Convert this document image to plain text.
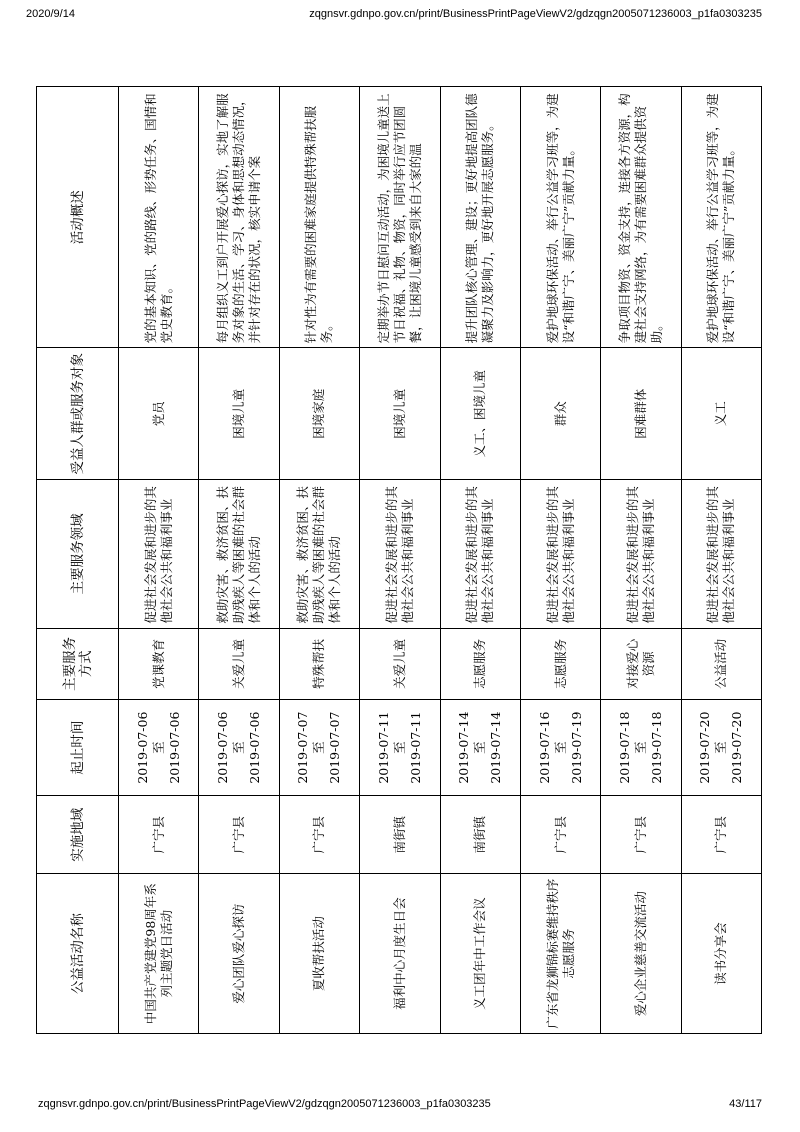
2020/9/14	zqgnsvr.gdnpo.gov.cn/print/BusinessPrintPageViewV2/gdzqgn2005071236003_p1fa0303235
公益活动名称	实施地域	起止时间	主要服务方式	主要服务领域	受益人群或服务对象	活动概述
中国共产党建党98周年系列主题党日活动	广宁县	2019-07-06
至
2019-07-06	党课教育	促进社会发展和进步的其他社会公共和福利事业	党员	党的基本知识、党的路线、形势任务、国情和党史教育。
爱心团队爱心探访	广宁县	2019-07-06
至
2019-07-06	关爱儿童	救助灾害、救济贫困、扶助残疾人等困难的社会群体和个人的活动	困境儿童	每月组织义工到户开展爱心探访，实地了解服务对象的生活、学习、身体和思想动态情况，并针对存在的状况，核实申请个案
夏收帮扶活动	广宁县	2019-07-07
至
2019-07-07	特殊帮扶	救助灾害、救济贫困、扶助残疾人等困难的社会群体和个人的活动	困境家庭	针对性为有需要的困难家庭提供特殊帮扶服务。
福利中心月度生日会	南街镇	2019-07-11
至
2019-07-11	关爱儿童	促进社会发展和进步的其他社会公共和福利事业	困境儿童	定期举办节日慰问互动活动，为困境儿童送上节日祝福、礼物、物资，同时举行应节团圆餐，让困境儿童感受到来自大家的温
义工团年中工作会议	南街镇	2019-07-14
至
2019-07-14	志愿服务	促进社会发展和进步的其他社会公共和福利事业	义工、困境儿童	提升团队核心管理、建设；更好地提高团队德凝聚力及影响力，更好地开展志愿服务。
广东省龙狮锦标赛维持秩序志愿服务	广宁县	2019-07-16
至
2019-07-19	志愿服务	促进社会发展和进步的其他社会公共和福利事业	群众	爱护地球环保活动、举行公益学习班等，为建设“和谐广宁、美丽广宁”贡献力量。
爱心企业慈善交流活动	广宁县	2019-07-18
至
2019-07-18	对接爱心资源	促进社会发展和进步的其他社会公共和福利事业	困难群体	争取项目物资、资金支持，连接各方资源，构建社会支持网络，为有需要困难群众提供资助。
读书分享会	广宁县	2019-07-20
至
2019-07-20	公益活动	促进社会发展和进步的其他社会公共和福利事业	义工	爱护地球环保活动、举行公益学习班等，为建设“和谐广宁、美丽广宁”贡献力量。
zqgnsvr.gdnpo.gov.cn/print/BusinessPrintPageViewV2/gdzqgn2005071236003_p1fa0303235	43/117
